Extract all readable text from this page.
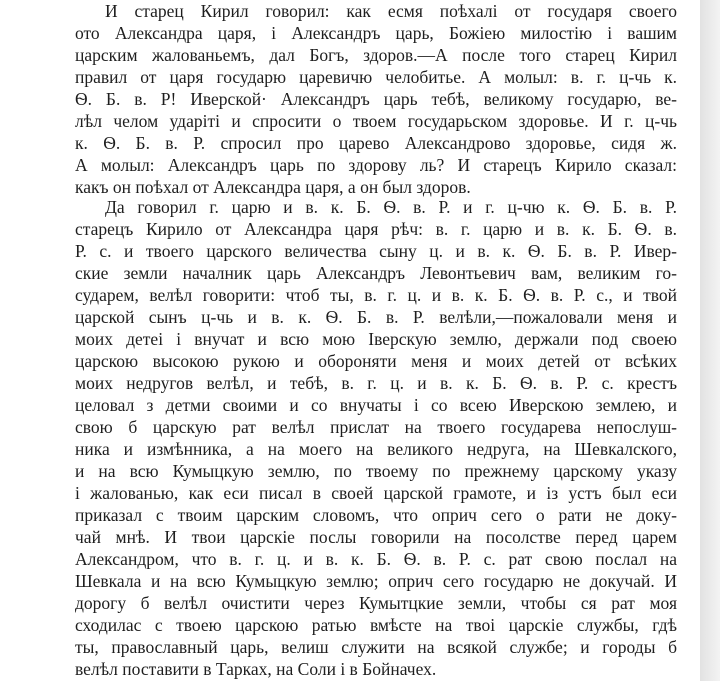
И старец Кирил говорил: как есмя поѣхалі от государя своего
ото Александра царя, і Александръ царь, Божіею милостію і вашим
царским жалованьемъ, дал Богъ, здоров.—А после того старец Кирил
правил от царя государю царевичю челобитье. А молыл: в. г. ц-чь к.
Ѳ. Б. в. Р! Иверской· Александръ царь тебѣ, великому государю, ве-
лѣл челом ударіті и спросити о твоем государьском здоровье. И г. ц-чь
к. Ѳ. Б. в. Р. спросил про царево Александрово здоровье, сидя ж.
А молыл: Александръ царь по здорову ль? И старецъ Кирило сказал:
какъ он поѣхал от Александра царя, а он был здоров.
Да говорил г. царю и в. к. Б. Ѳ. в. Р. и г. ц-чю к. Ѳ. Б. в. Р.
старецъ Кирило от Александра царя рѣч: в. г. царю и в. к. Б. Ѳ. в.
Р. с. и твоего царского величества сыну ц. и в. к. Ѳ. Б. в. Р. Ивер-
ские земли началник царь Александръ Левонтьевич вам, великим го-
сударем, велѣл говорити: чтоб ты, в. г. ц. и в. к. Б. Ѳ. в. Р. с., и твой
царской сынъ ц-чь и в. к. Ѳ. Б. в. Р. велѣли,—пожаловали меня и
моих детеі і внучат и всю мою Іверскую землю, держали под своею
царскою высокою рукою и обороняти меня и моих детей от всѣких
моих недругов велѣл, и тебѣ, в. г. ц. и в. к. Б. Ѳ. в. Р. с. крестъ
целовал з детми своими и со внучаты і со всею Иверскою землею, и
свою б царскую рат велѣл прислат на твоего государева непослуш-
ника и измѣнника, а на моего на великого недруга, на Шевкалского,
и на всю Кумыцкую землю, по твоему по прежнему царскому указу
і жалованью, как еси писал в своей царской грамоте, и із устъ был еси
приказал с твоим царским словомъ, что оприч сего о рати не доку-
чай мнѣ. И твои царскіе послы говорили на посолстве перед царем
Александром, что в. г. ц. и в. к. Б. Ѳ. в. Р. с. рат свою послал на
Шевкала и на всю Кумыцкую землю; оприч сего государю не докучай. И
дорогу б велѣл очистити через Кумытцкие земли, чтобы ся рат моя
сходилас с твоею царскою ратью вмѣсте на твоі царскіе службы, гдѣ
ты, православный царь, велиш служити на всякой службе; и городы б
велѣл поставити в Тарках, на Соли і в Бойначех.
